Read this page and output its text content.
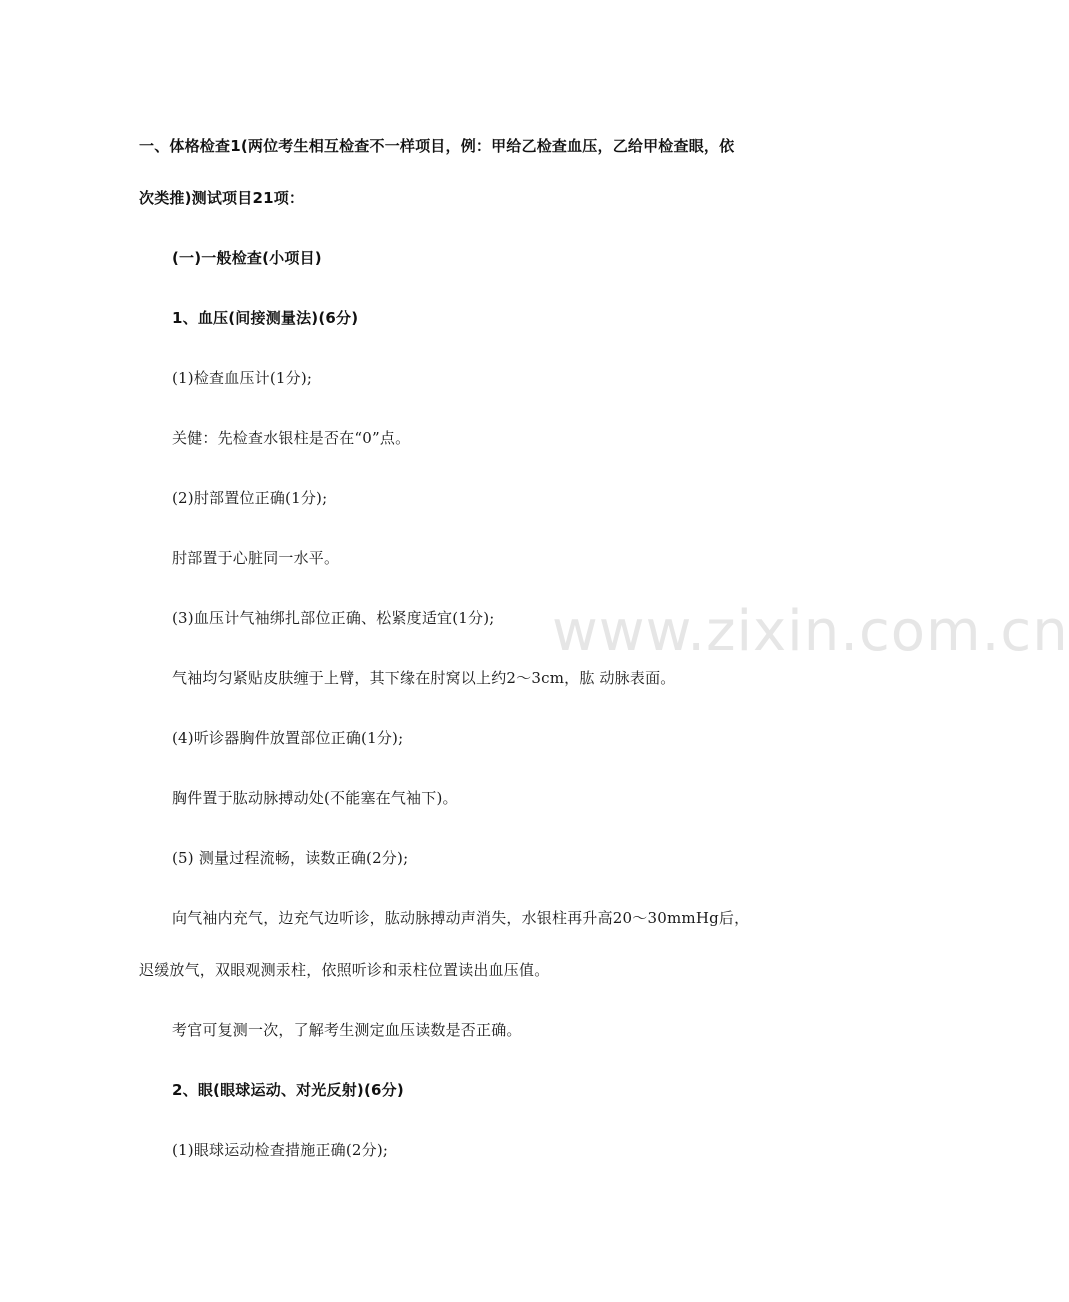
一、体格检查1(两位考生相互检查不一样项目，例：甲给乙检查血压，乙给甲检查眼，依
次类推)测试项目21项：
(一)一般检查(小项目)
1、血压(间接测量法)(6分)
(1)检查血压计(1分);
关健：先检查水银柱是否在“0”点。
(2)肘部置位正确(1分);
肘部置于心脏同一水平。
www.zixin.com.cn
(3)血压计气袖绑扎部位正确、松紧度适宜(1分);
气袖均匀紧贴皮肤缠于上臂，其下缘在肘窝以上约2～3cm，肱 动脉表面。
(4)听诊器胸件放置部位正确(1分);
胸件置于肱动脉搏动处(不能塞在气袖下)。
(5) 测量过程流畅，读数正确(2分);
向气袖内充气，边充气边听诊，肱动脉搏动声消失，水银柱再升高20～30mmHg后，
迟缓放气，双眼观测汞柱，依照听诊和汞柱位置读出血压值。
考官可复测一次，了解考生测定血压读数是否正确。
2、眼(眼球运动、对光反射)(6分)
(1)眼球运动检查措施正确(2分);
